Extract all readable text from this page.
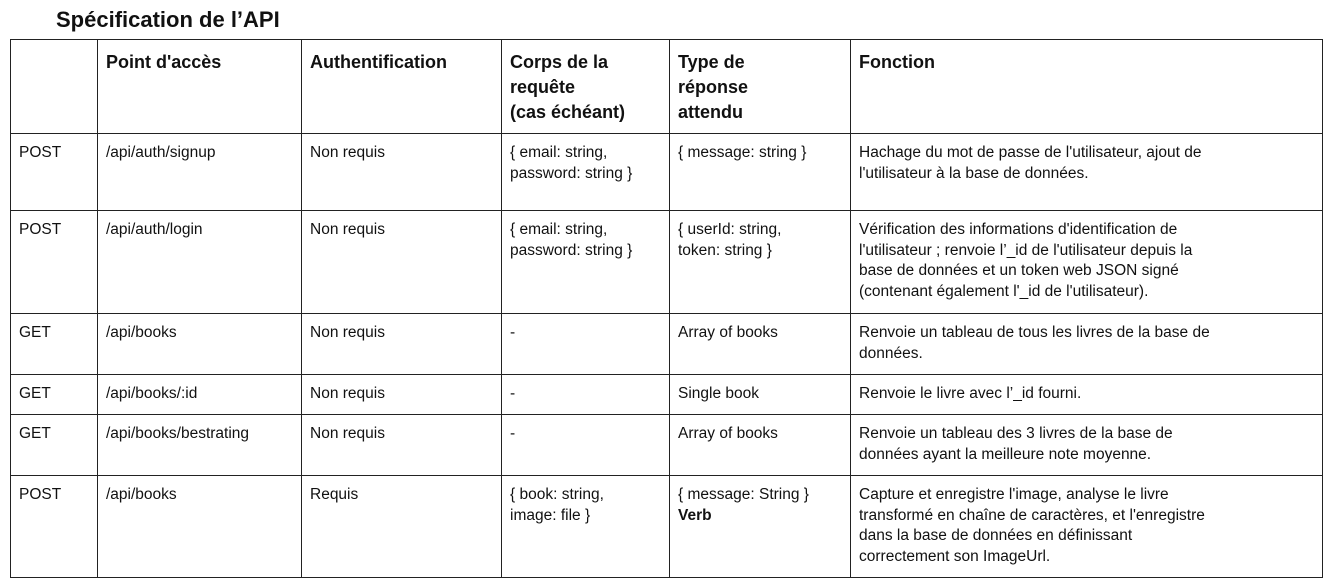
Spécification de l’API
	Point d'accès	Authentification	Corps de la
requête
(cas échéant)	Type de
réponse
attendu	Fonction
POST	/api/auth/signup	Non requis	{ email: string,
password: string }	{ message: string }	Hachage du mot de passe de l'utilisateur, ajout de
l'utilisateur à la base de données.

POST	/api/auth/login	Non requis	{ email: string,
password: string }	{ userId: string,
token: string }	Vérification des informations d'identification de
l'utilisateur ; renvoie l’_id de l'utilisateur depuis la
base de données et un token web JSON signé
(contenant également l'_id de l'utilisateur).

GET	/api/books	Non requis	-	Array of books	Renvoie un tableau de tous les livres de la base de
données.

GET	/api/books/:id	Non requis	-	Single book	Renvoie le livre avec l’_id fourni.

GET	/api/books/bestrating	Non requis	-	Array of books	Renvoie un tableau des 3 livres de la base de
données ayant la meilleure note moyenne.

POST	/api/books	Requis	{ book: string,
image: file }	{ message: String }
Verb	Capture et enregistre l'image, analyse le livre
transformé en chaîne de caractères, et l'enregistre
dans la base de données en définissant
correctement son ImageUrl.
